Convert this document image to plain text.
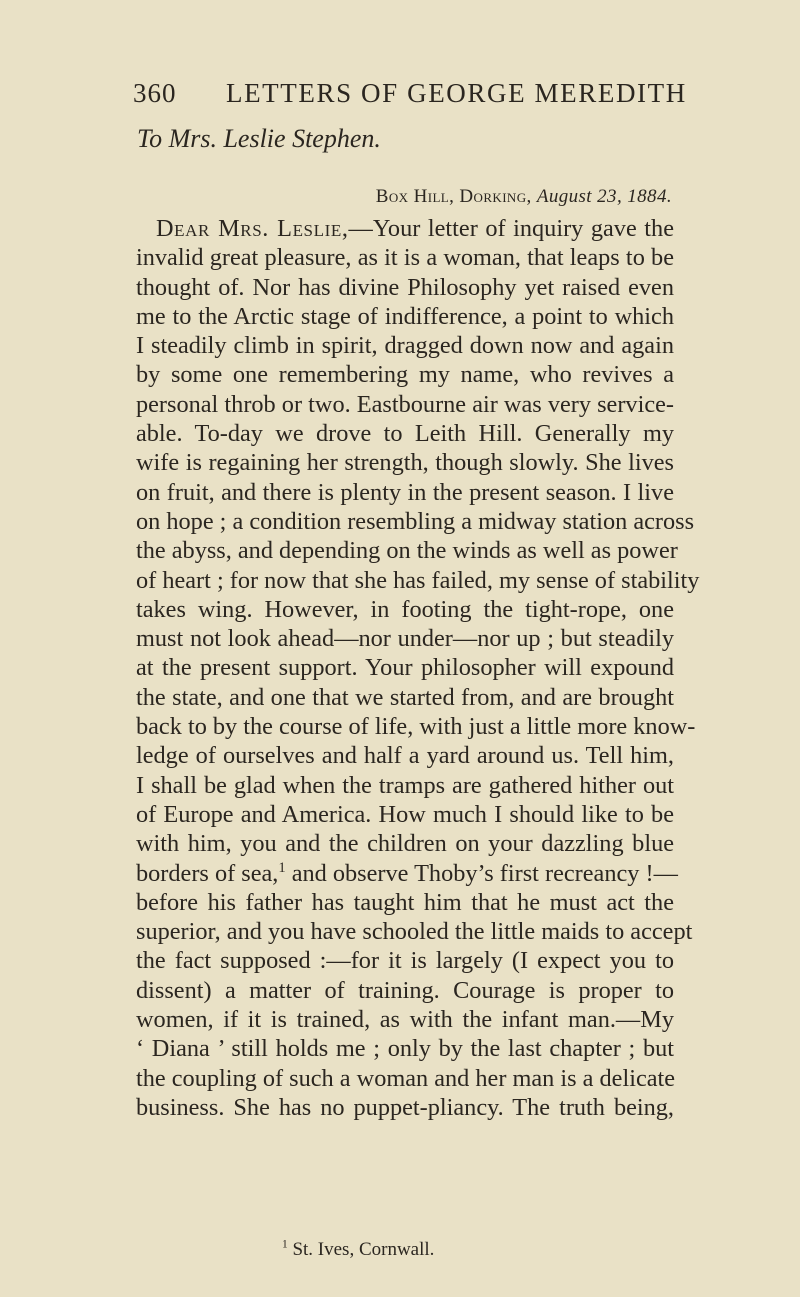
360 LETTERS OF GEORGE MEREDITH
To Mrs. Leslie Stephen.
Box Hill, Dorking, August 23, 1884.
Dear Mrs. Leslie,—Your letter of inquiry gave the
invalid great pleasure, as it is a woman, that leaps to be
thought of. Nor has divine Philosophy yet raised even
me to the Arctic stage of indifference, a point to which
I steadily climb in spirit, dragged down now and again
by some one remembering my name, who revives a
personal throb or two. Eastbourne air was very service-
able. To-day we drove to Leith Hill. Generally my
wife is regaining her strength, though slowly. She lives
on fruit, and there is plenty in the present season. I live
on hope ; a condition resembling a midway station across
the abyss, and depending on the winds as well as power
of heart ; for now that she has failed, my sense of stability
takes wing. However, in footing the tight-rope, one
must not look ahead—nor under—nor up ; but steadily
at the present support. Your philosopher will expound
the state, and one that we started from, and are brought
back to by the course of life, with just a little more know-
ledge of ourselves and half a yard around us. Tell him,
I shall be glad when the tramps are gathered hither out
of Europe and America. How much I should like to be
with him, you and the children on your dazzling blue
borders of sea,$^1$ and observe Thoby’s first recreancy !—
before his father has taught him that he must act the
superior, and you have schooled the little maids to accept
the fact supposed :—for it is largely (I expect you to
dissent) a matter of training. Courage is proper to
women, if it is trained, as with the infant man.—My
‘ Diana ’ still holds me ; only by the last chapter ; but
the coupling of such a woman and her man is a delicate
business. She has no puppet-pliancy. The truth being,
$^1$ St. Ives, Cornwall.
